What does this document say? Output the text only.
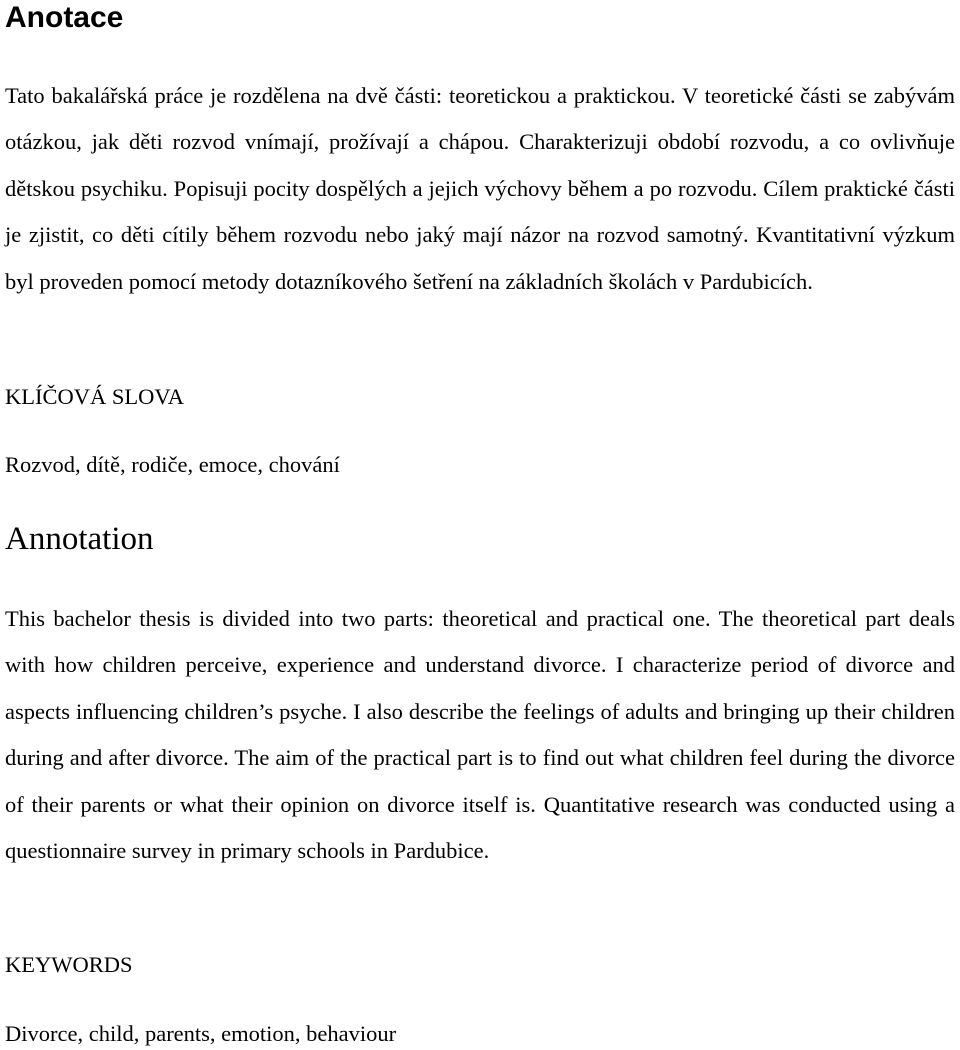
Anotace

Tato bakalářská práce je rozdělena na dvě části: teoretickou a praktickou. V teoretické části se zabývám otázkou, jak děti rozvod vnímají, prožívají a chápou. Charakterizuji období rozvodu, a co ovlivňuje dětskou psychiku. Popisuji pocity dospělých a jejich výchovy během a po rozvodu. Cílem praktické části je zjistit, co děti cítily během rozvodu nebo jaký mají názor na rozvod samotný. Kvantitativní výzkum byl proveden pomocí metody dotazníkového šetření na základních školách v Pardubicích.

KLÍČOVÁ SLOVA
Rozvod, dítě, rodiče, emoce, chování
Annotation

This bachelor thesis is divided into two parts: theoretical and practical one. The theoretical part deals with how children perceive, experience and understand divorce. I characterize period of divorce and aspects influencing children’s psyche. I also describe the feelings of adults and bringing up their children during and after divorce. The aim of the practical part is to find out what children feel during the divorce of their parents or what their opinion on divorce itself is. Quantitative research was conducted using a questionnaire survey in primary schools in Pardubice.

KEYWORDS
Divorce, child, parents, emotion, behaviour
